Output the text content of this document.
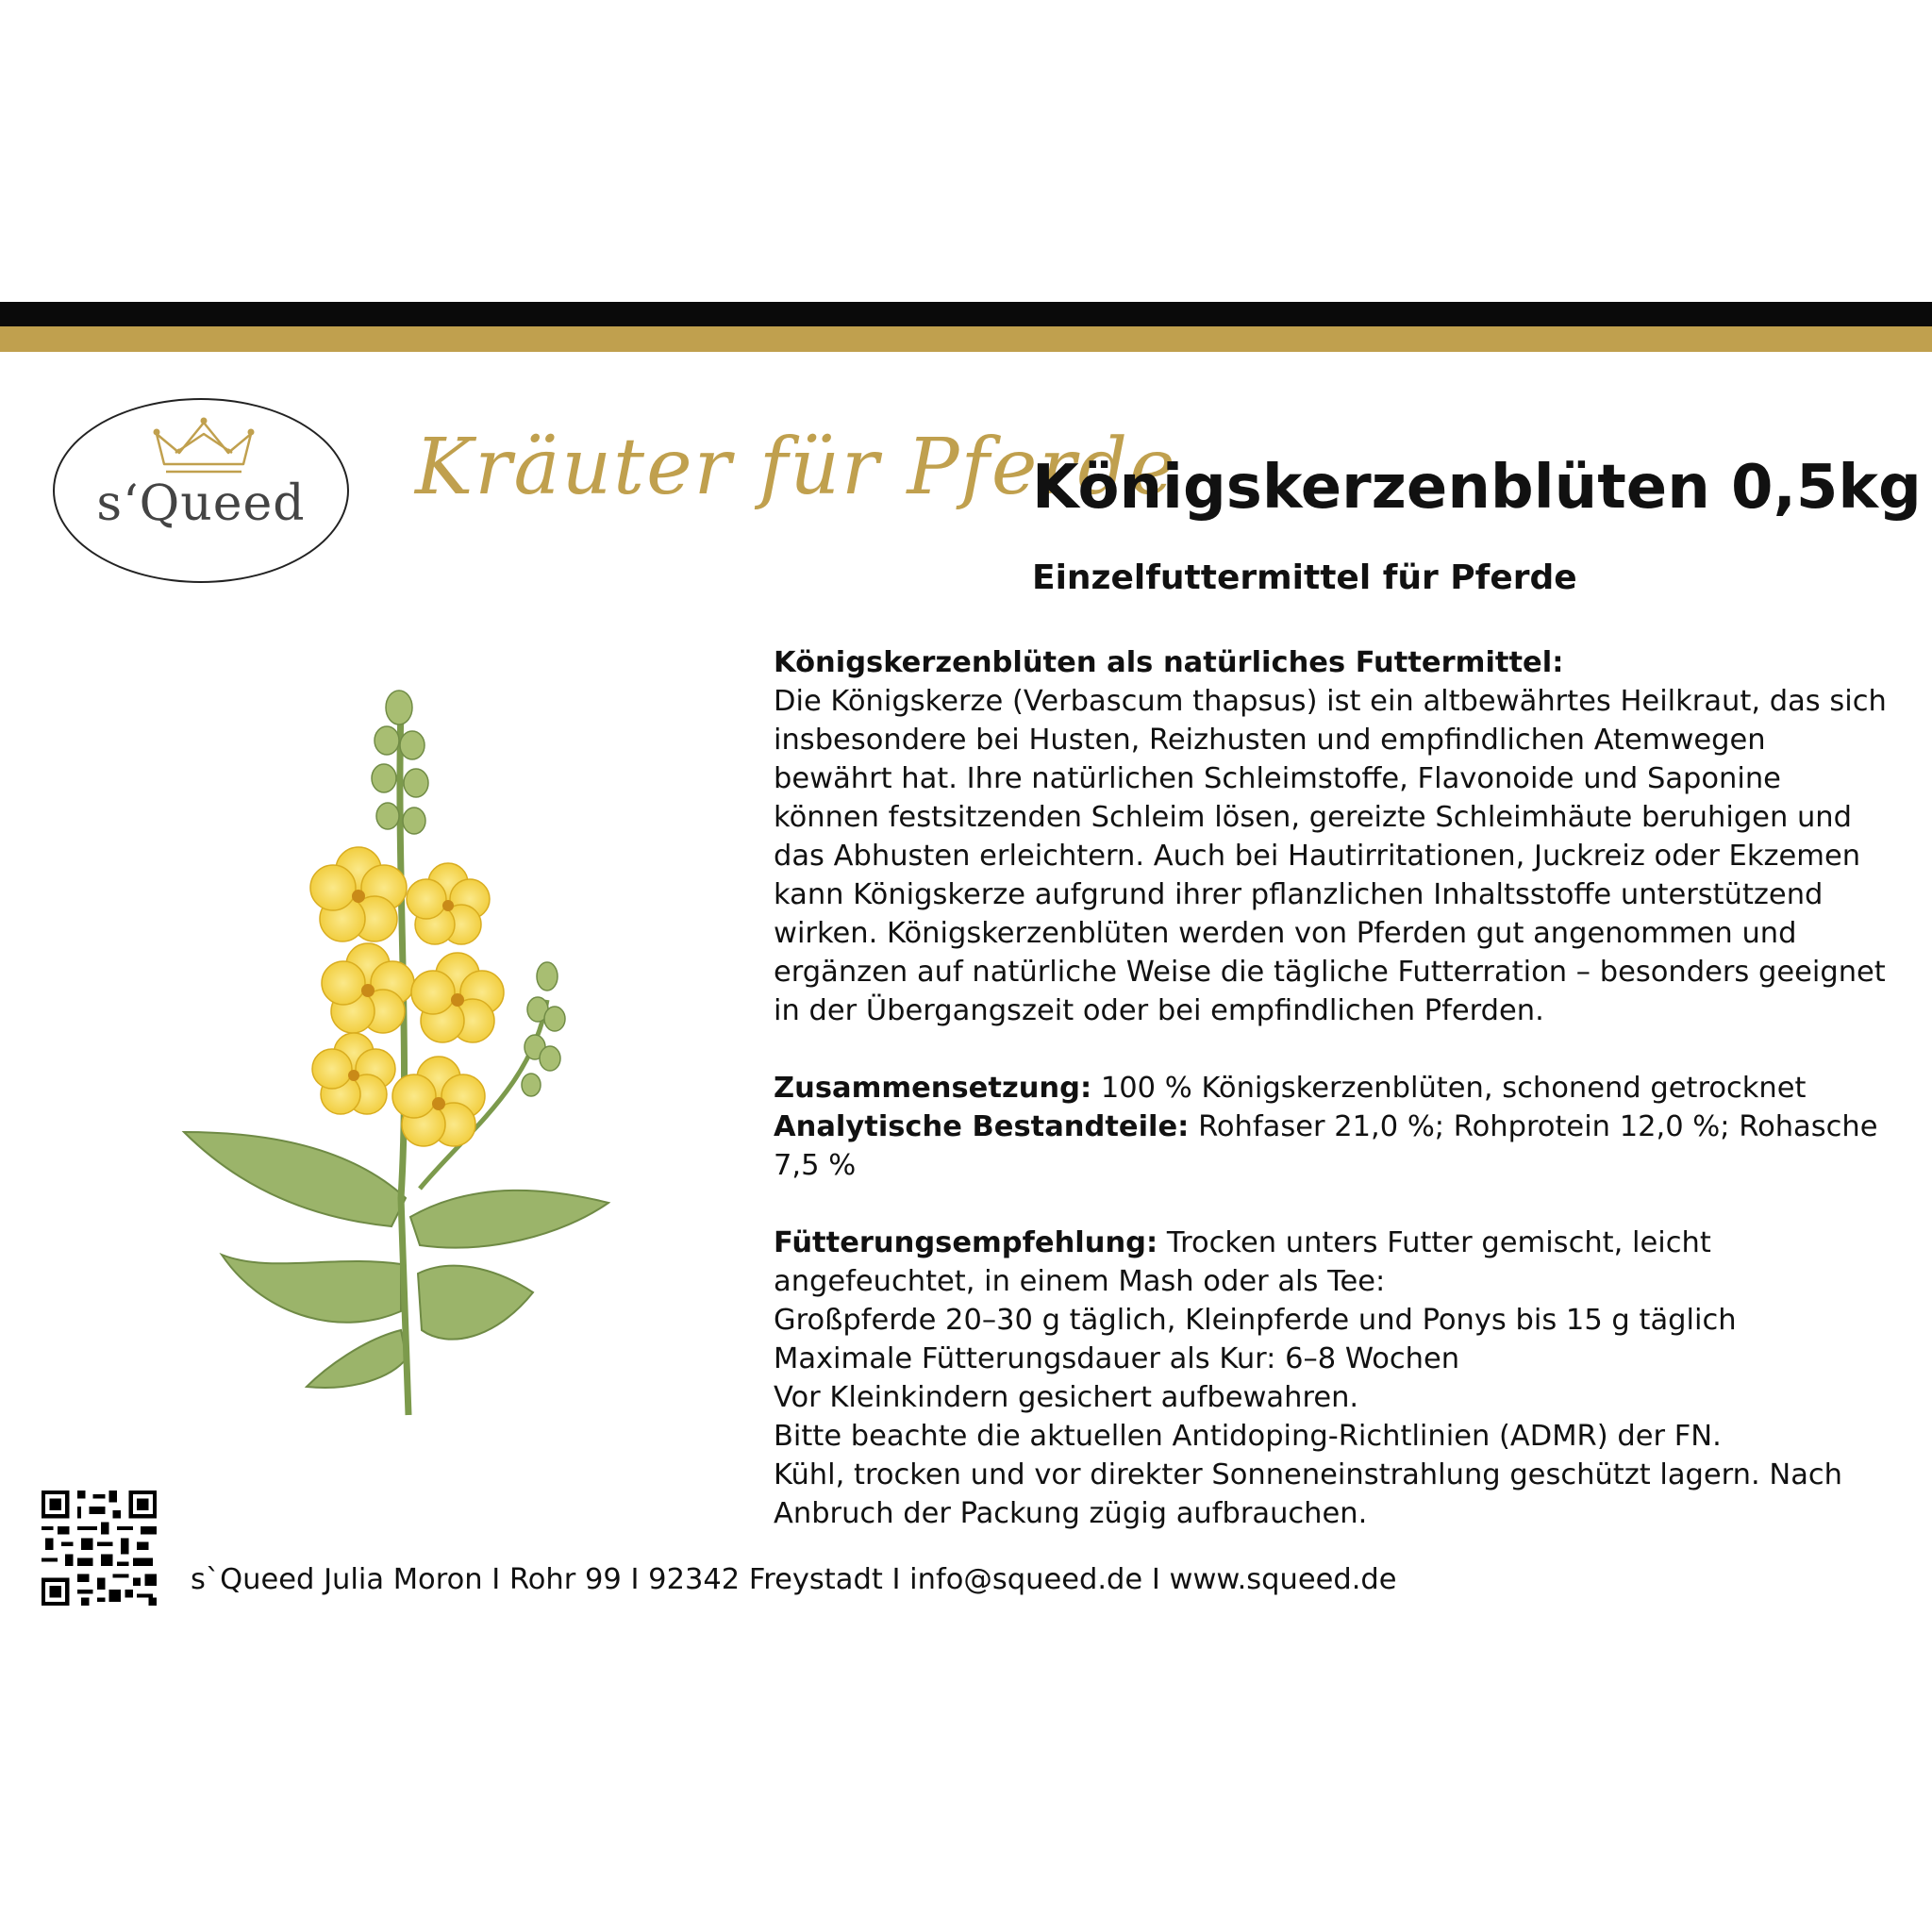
s‘Queed	Kräuter für Pferde
Königskerzenblüten 0,5kg
Einzelfuttermittel für Pferde

Königskerzenblüten als natürliches Futtermittel:

Die Königskerze (Verbascum thapsus) ist ein altbewährtes Heilkraut, das sich insbesondere bei Husten, Reizhusten und empfindlichen Atemwegen bewährt hat. Ihre natürlichen Schleimstoffe, Flavonoide und Saponine können festsitzenden Schleim lösen, gereizte Schleimhäute beruhigen und das Abhusten erleichtern. Auch bei Hautirritationen, Juckreiz oder Ekzemen kann Königskerze aufgrund ihrer pflanzlichen Inhaltsstoffe unterstützend wirken. Königskerzenblüten werden von Pferden gut angenommen und ergänzen auf natürliche Weise die tägliche Futterration – besonders geeignet in der Übergangszeit oder bei empfindlichen Pferden.

Zusammensetzung: 100 % Königskerzenblüten, schonend getrocknet

Analytische Bestandteile: Rohfaser 21,0 %; Rohprotein 12,0 %; Rohasche 7,5 %

Fütterungsempfehlung: Trocken unters Futter gemischt, leicht angefeuchtet, in einem Mash oder als Tee:

Großpferde 20–30 g täglich, Kleinpferde und Ponys bis 15 g täglich

Maximale Fütterungsdauer als Kur: 6–8 Wochen

Vor Kleinkindern gesichert aufbewahren.

Bitte beachte die aktuellen Antidoping-Richtlinien (ADMR) der FN.

Kühl, trocken und vor direkter Sonneneinstrahlung geschützt lagern. Nach Anbruch der Packung zügig aufbrauchen.

s`Queed Julia Moron I Rohr 99 I 92342 Freystadt I info@squeed.de I www.squeed.de
